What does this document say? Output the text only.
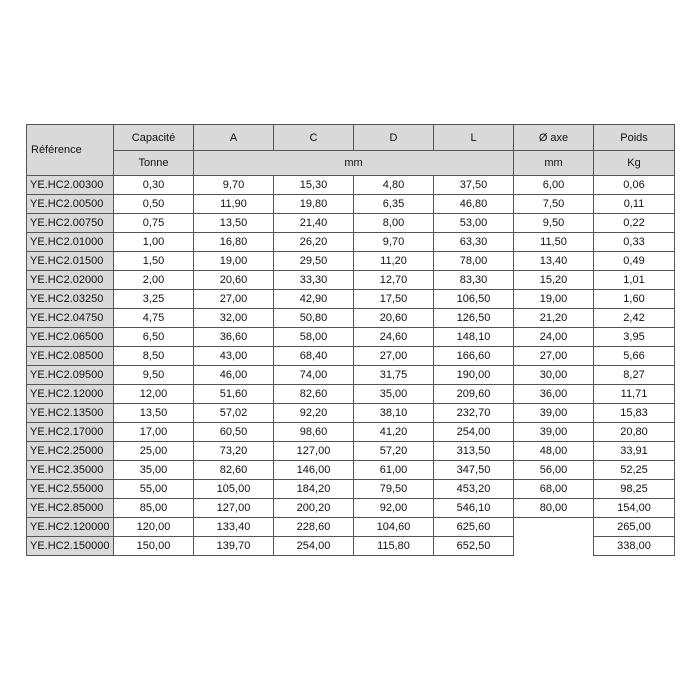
Référence	Capacité	A	C	D	L	Ø axe	Poids
	Tonne	mm				mm	Kg
YE.HC2.00300	0,30	9,70	15,30	4,80	37,50	6,00	0,06
YE.HC2.00500	0,50	11,90	19,80	6,35	46,80	7,50	0,11
YE.HC2.00750	0,75	13,50	21,40	8,00	53,00	9,50	0,22
YE.HC2.01000	1,00	16,80	26,20	9,70	63,30	11,50	0,33
YE.HC2.01500	1,50	19,00	29,50	11,20	78,00	13,40	0,49
YE.HC2.02000	2,00	20,60	33,30	12,70	83,30	15,20	1,01
YE.HC2.03250	3,25	27,00	42,90	17,50	106,50	19,00	1,60
YE.HC2.04750	4,75	32,00	50,80	20,60	126,50	21,20	2,42
YE.HC2.06500	6,50	36,60	58,00	24,60	148,10	24,00	3,95
YE.HC2.08500	8,50	43,00	68,40	27,00	166,60	27,00	5,66
YE.HC2.09500	9,50	46,00	74,00	31,75	190,00	30,00	8,27
YE.HC2.12000	12,00	51,60	82,60	35,00	209,60	36,00	11,71
YE.HC2.13500	13,50	57,02	92,20	38,10	232,70	39,00	15,83
YE.HC2.17000	17,00	60,50	98,60	41,20	254,00	39,00	20,80
YE.HC2.25000	25,00	73,20	127,00	57,20	313,50	48,00	33,91
YE.HC2.35000	35,00	82,60	146,00	61,00	347,50	56,00	52,25
YE.HC2.55000	55,00	105,00	184,20	79,50	453,20	68,00	98,25
YE.HC2.85000	85,00	127,00	200,20	92,00	546,10	80,00	154,00
YE.HC2.120000	120,00	133,40	228,60	104,60	625,60		265,00
YE.HC2.150000	150,00	139,70	254,00	115,80	652,50		338,00
